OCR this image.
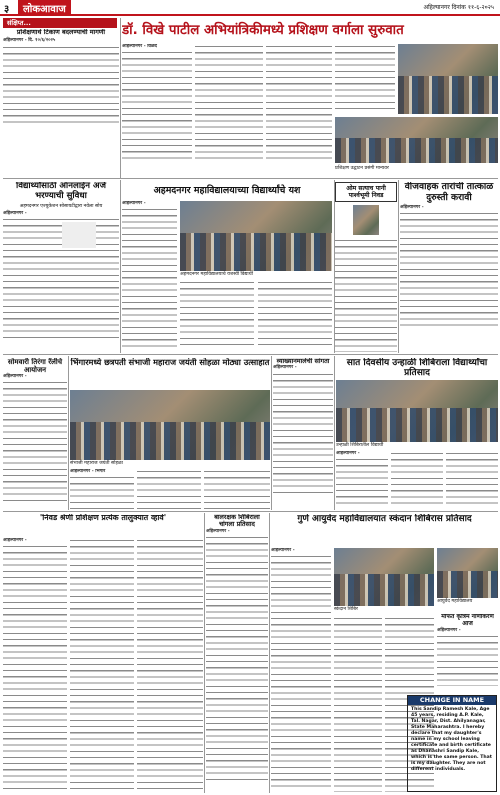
३	लोकआवाज	अहिल्यानगर दिनांक ११-६-२०२५
संक्षिप्त...
प्रशिक्षणार्थ टिकाण बदलण्याची मागणी
अहिल्यानगर - दि. १०/६/२०२५
डॉ. विखे पाटील अभियांत्रिकीमध्ये प्रशिक्षण वर्गाला सुरुवात
अहिल्यानगर - विळद
प्रशिक्षण उद्घाटन प्रसंगी मान्यवर
विद्यार्थ्यांसाठी ऑनलाईन अर्ज भरण्याची सुविधा
अहमदनगर एज्युकेशन सोसायटीद्वारा नवेला सोय
अहिल्यानगर -
अहमदनगर महाविद्यालयाच्या विद्यार्थ्यांचे यश
अहिल्यानगर -
अहमदनगर महाविद्यालयाचे यशस्वी विद्यार्थी
ओम सत्याच पानी पार्श्वभूमी निवड
वीजवाहक तारांची तात्काळ दुरुस्ती करावी
अहिल्यानगर -
सोमवारी तिरंगा रॅलीचे आयोजन
अहिल्यानगर -
भिंगारमध्ये छत्रपती संभाजी महाराज जयंती सोहळा मोठ्या उत्साहात
संभाजी महाराज जयंती सोहळा
अहिल्यानगर - भिंगार
व्याख्यानमालेची सांगता
अहिल्यानगर -	सात दिवसीय उन्हाळी शिबिराला विद्यार्थ्यांचा प्रतिसाद
उन्हाळी शिबिरातील विद्यार्थी
अहिल्यानगर -
'निवड श्रेणी प्रशिक्षण प्रत्येक तालुक्यात व्हावे'
अहिल्यानगर -
बालरक्षक शिबिराला चांगला प्रतिसाद
अहिल्यानगर -
गुणे आयुर्वेद महाविद्यालयात स्कंदान शिबिरास प्रतिसाद
अहिल्यानगर -
स्कंदान शिबिर
आयुर्वेद महाविद्यालय
मोफत कृत्रिम नाणीकरण आज
अहिल्यानगर -
CHANGE IN NAME
This Sandip Ramesh Kale, Age 45 years, residing A.P. Kale, Tal. Nagar, Dist. Ahilyanagar, State Maharashtra. I hereby declare that my daughter's name in my school leaving certificate and birth certificate as Dhanashri Sandip Kale, which is the same person. That is my daughter. They are not different individuals.
